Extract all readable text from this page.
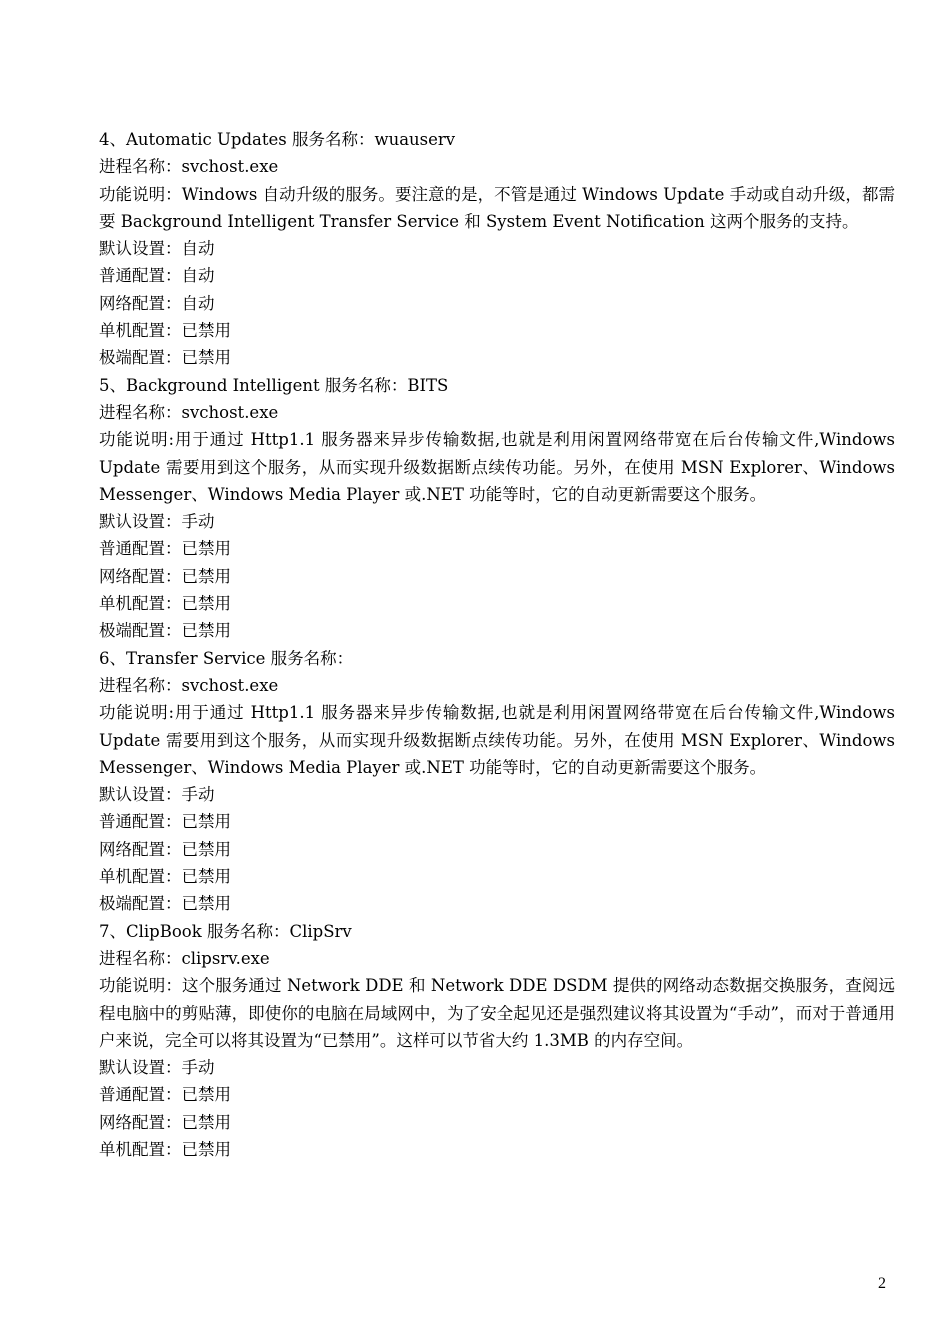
4、Automatic Updates 服务名称：wuauserv
进程名称：svchost.exe
功能说明：Windows 自动升级的服务。要注意的是，不管是通过 Windows Update 手动或自动升级，都需要 Background Intelligent Transfer Service 和 System Event Notification 这两个服务的支持。
默认设置：自动
普通配置：自动
网络配置：自动
单机配置：已禁用
极端配置：已禁用
5、Background Intelligent 服务名称：BITS
进程名称：svchost.exe
功能说明:用于通过 Http1.1 服务器来异步传输数据,也就是利用闲置网络带宽在后台传输文件,Windows Update 需要用到这个服务，从而实现升级数据断点续传功能。另外，在使用 MSN Explorer、Windows Messenger、Windows Media Player 或.NET 功能等时，它的自动更新需要这个服务。
默认设置：手动
普通配置：已禁用
网络配置：已禁用
单机配置：已禁用
极端配置：已禁用
6、Transfer Service 服务名称：
进程名称：svchost.exe
功能说明:用于通过 Http1.1 服务器来异步传输数据,也就是利用闲置网络带宽在后台传输文件,Windows Update 需要用到这个服务，从而实现升级数据断点续传功能。另外，在使用 MSN Explorer、Windows Messenger、Windows Media Player 或.NET 功能等时，它的自动更新需要这个服务。
默认设置：手动
普通配置：已禁用
网络配置：已禁用
单机配置：已禁用
极端配置：已禁用
7、ClipBook 服务名称：ClipSrv
进程名称：clipsrv.exe
功能说明：这个服务通过 Network DDE 和 Network DDE DSDM 提供的网络动态数据交换服务，查阅远程电脑中的剪贴薄，即使你的电脑在局域网中，为了安全起见还是强烈建议将其设置为“手动”，而对于普通用户来说，完全可以将其设置为“已禁用”。这样可以节省大约 1.3MB 的内存空间。
默认设置：手动
普通配置：已禁用
网络配置：已禁用
单机配置：已禁用
2
